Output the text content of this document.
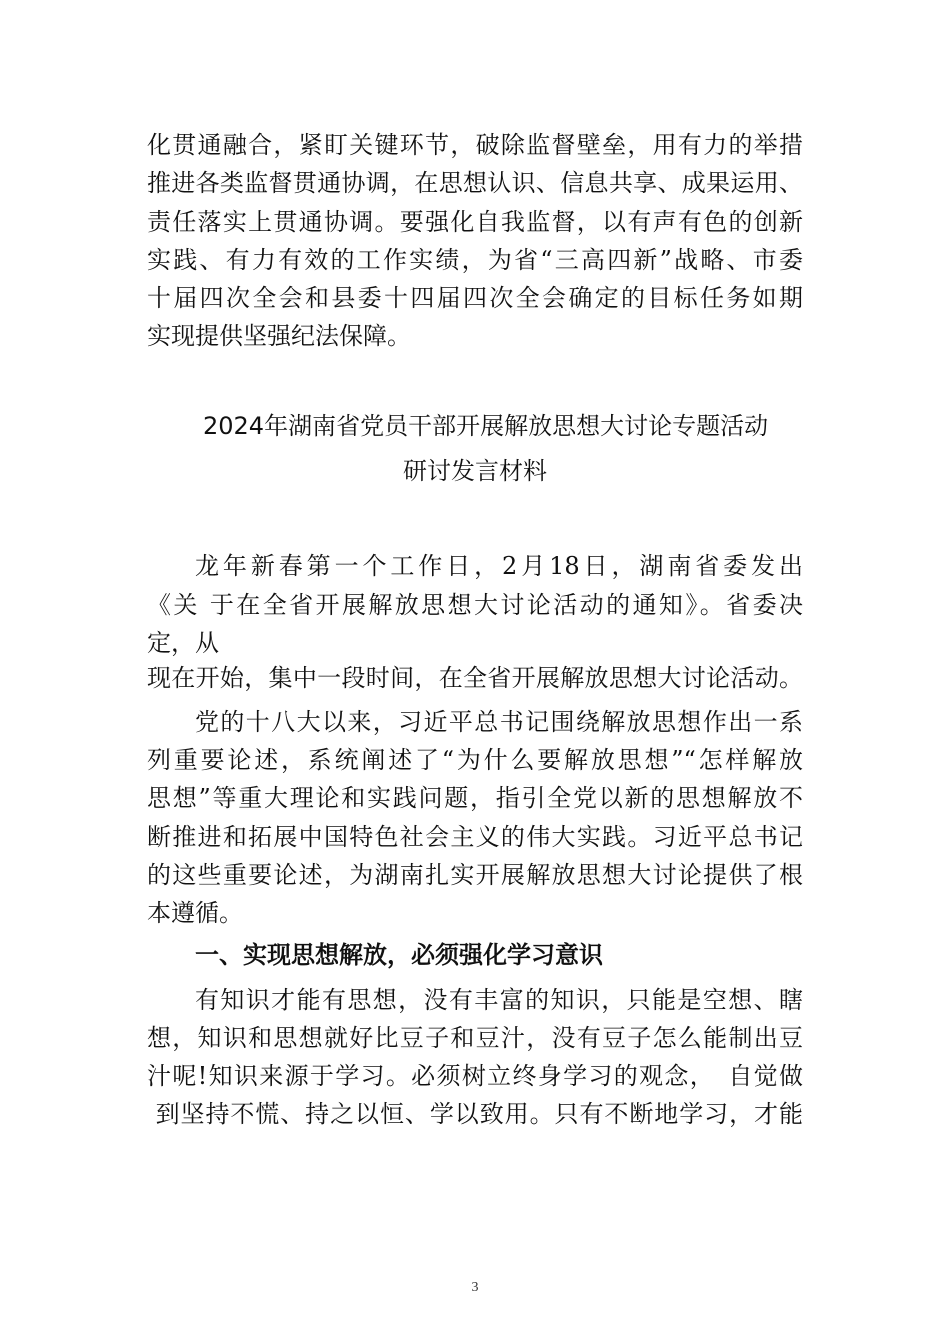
化贯通融合，紧盯关键环节，破除监督壁垒，用有力的举措
推进各类监督贯通协调，在思想认识、信息共享、成果运用、
责任落实上贯通协调。要强化自我监督，以有声有色的创新
实践、有力有效的工作实绩，为省“三高四新”战略、市委
十届四次全会和县委十四届四次全会确定的目标任务如期
实现提供坚强纪法保障。
2024年湖南省党员干部开展解放思想大讨论专题活动
研讨发言材料
龙年新春第一个工作日，2月18日，湖南省委发出
《关 于在全省开展解放思想大讨论活动的通知》。省委决
定，从
现在开始，集中一段时间，在全省开展解放思想大讨论活动。
党的十八大以来，习近平总书记围绕解放思想作出一系
列重要论述，系统阐述了“为什么要解放思想”“怎样解放
思想”等重大理论和实践问题，指引全党以新的思想解放不
断推进和拓展中国特色社会主义的伟大实践。习近平总书记
的这些重要论述，为湖南扎实开展解放思想大讨论提供了根
本遵循。
一、实现思想解放，必须强化学习意识
有知识才能有思想，没有丰富的知识，只能是空想、瞎
想，知识和思想就好比豆子和豆汁，没有豆子怎么能制出豆
汁呢!知识来源于学习。必须树立终身学习的观念，　自觉做
到坚持不慌、持之以恒、学以致用。只有不断地学习，才能
3
